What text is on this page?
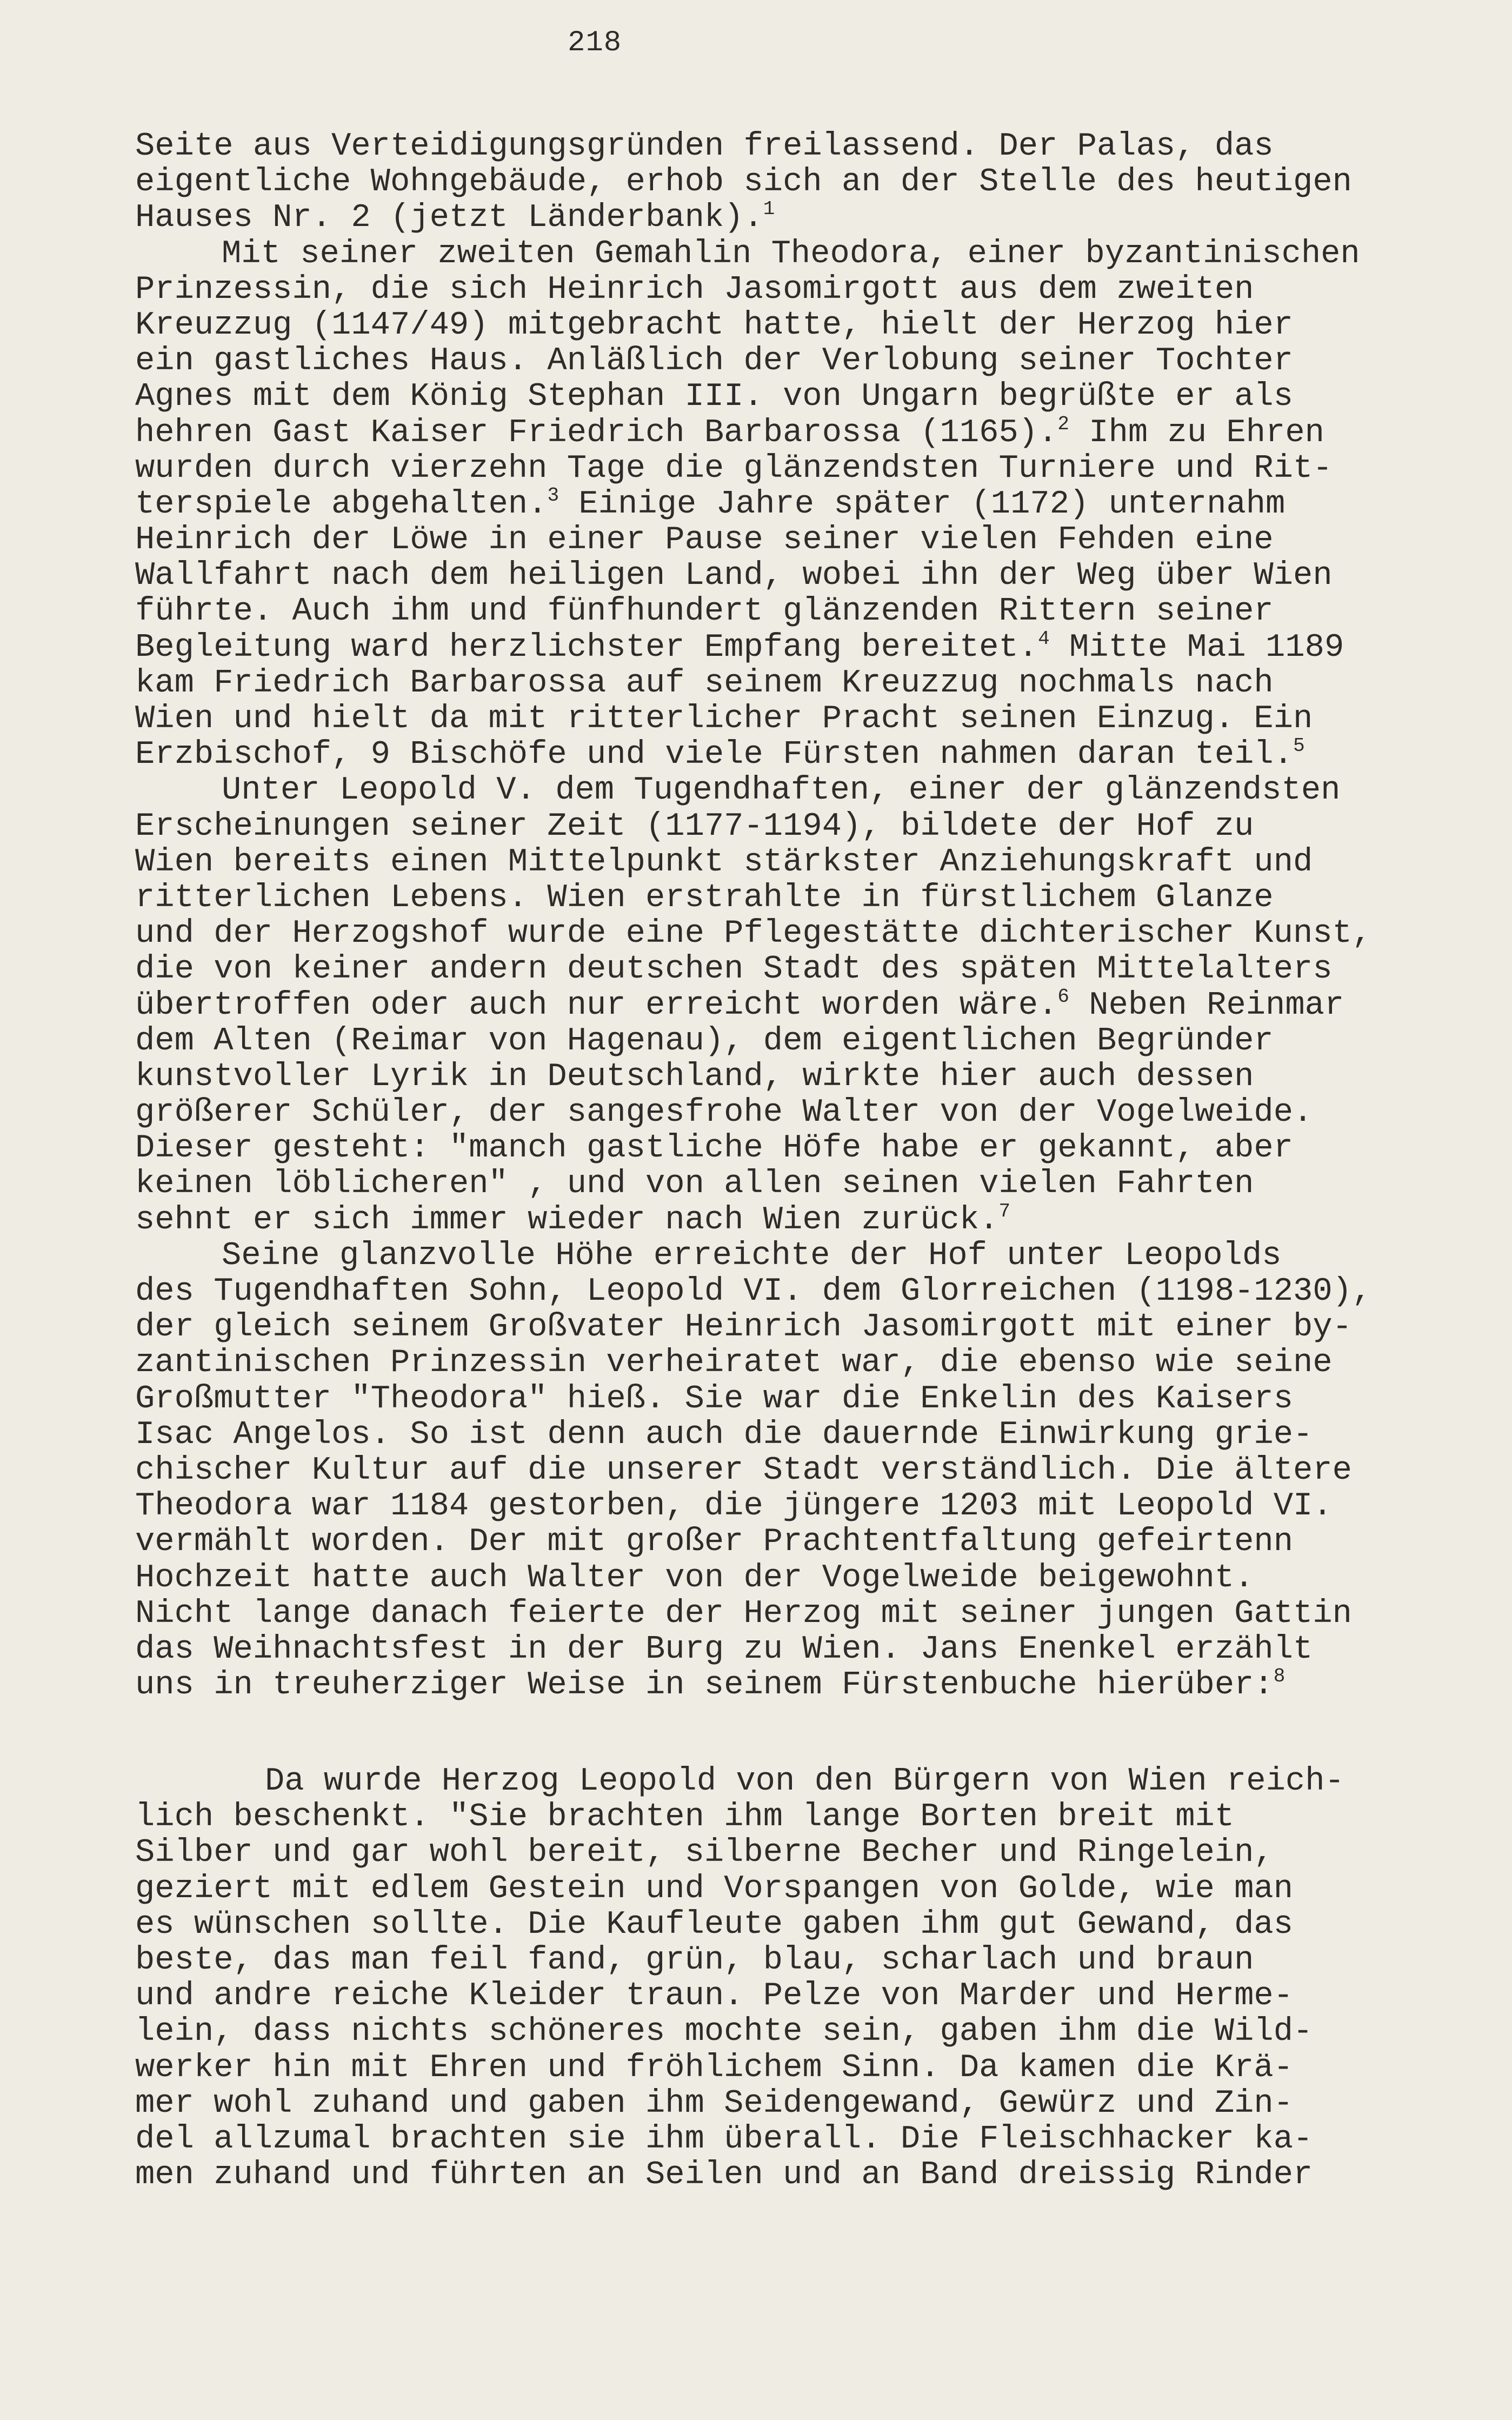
218
Seite aus Verteidigungsgründen freilassend. Der Palas, das
eigentliche Wohngebäude, erhob sich an der Stelle des heutigen
Hauses Nr. 2 (jetzt Länderbank).$^1$
Mit seiner zweiten Gemahlin Theodora, einer byzantinischen
Prinzessin, die sich Heinrich Jasomirgott aus dem zweiten
Kreuzzug (1147/49) mitgebracht hatte, hielt der Herzog hier
ein gastliches Haus. Anläßlich der Verlobung seiner Tochter
Agnes mit dem König Stephan III. von Ungarn begrüßte er als
hehren Gast Kaiser Friedrich Barbarossa (1165).$^2$ Ihm zu Ehren
wurden durch vierzehn Tage die glänzendsten Turniere und Rit-
terspiele abgehalten.$^3$ Einige Jahre später (1172) unternahm
Heinrich der Löwe in einer Pause seiner vielen Fehden eine
Wallfahrt nach dem heiligen Land, wobei ihn der Weg über Wien
führte. Auch ihm und fünfhundert glänzenden Rittern seiner
Begleitung ward herzlichster Empfang bereitet.$^4$ Mitte Mai 1189
kam Friedrich Barbarossa auf seinem Kreuzzug nochmals nach
Wien und hielt da mit ritterlicher Pracht seinen Einzug. Ein
Erzbischof, 9 Bischöfe und viele Fürsten nahmen daran teil.$^5$
Unter Leopold V. dem Tugendhaften, einer der glänzendsten
Erscheinungen seiner Zeit (1177-1194), bildete der Hof zu
Wien bereits einen Mittelpunkt stärkster Anziehungskraft und
ritterlichen Lebens. Wien erstrahlte in fürstlichem Glanze
und der Herzogshof wurde eine Pflegestätte dichterischer Kunst,
die von keiner andern deutschen Stadt des späten Mittelalters
übertroffen oder auch nur erreicht worden wäre.$^6$ Neben Reinmar
dem Alten (Reimar von Hagenau), dem eigentlichen Begründer
kunstvoller Lyrik in Deutschland, wirkte hier auch dessen
größerer Schüler, der sangesfrohe Walter von der Vogelweide.
Dieser gesteht: "manch gastliche Höfe habe er gekannt, aber
keinen löblicheren" , und von allen seinen vielen Fahrten
sehnt er sich immer wieder nach Wien zurück.$^7$
Seine glanzvolle Höhe erreichte der Hof unter Leopolds
des Tugendhaften Sohn, Leopold VI. dem Glorreichen (1198-1230),
der gleich seinem Großvater Heinrich Jasomirgott mit einer by-
zantinischen Prinzessin verheiratet war, die ebenso wie seine
Großmutter "Theodora" hieß. Sie war die Enkelin des Kaisers
Isac Angelos. So ist denn auch die dauernde Einwirkung grie-
chischer Kultur auf die unserer Stadt verständlich. Die ältere
Theodora war 1184 gestorben, die jüngere 1203 mit Leopold VI.
vermählt worden. Der mit großer Prachtentfaltung gefeirtenn
Hochzeit hatte auch Walter von der Vogelweide beigewohnt.
Nicht lange danach feierte der Herzog mit seiner jungen Gattin
das Weihnachtsfest in der Burg zu Wien. Jans Enenkel erzählt
uns in treuherziger Weise in seinem Fürstenbuche hierüber:$^8$
Da wurde Herzog Leopold von den Bürgern von Wien reich-
lich beschenkt. "Sie brachten ihm lange Borten breit mit
Silber und gar wohl bereit, silberne Becher und Ringelein,
geziert mit edlem Gestein und Vorspangen von Golde, wie man
es wünschen sollte. Die Kaufleute gaben ihm gut Gewand, das
beste, das man feil fand, grün, blau, scharlach und braun
und andre reiche Kleider traun. Pelze von Marder und Herme-
lein, dass nichts schöneres mochte sein, gaben ihm die Wild-
werker hin mit Ehren und fröhlichem Sinn. Da kamen die Krä-
mer wohl zuhand und gaben ihm Seidengewand, Gewürz und Zin-
del allzumal brachten sie ihm überall. Die Fleischhacker ka-
men zuhand und führten an Seilen und an Band dreissig Rinder
